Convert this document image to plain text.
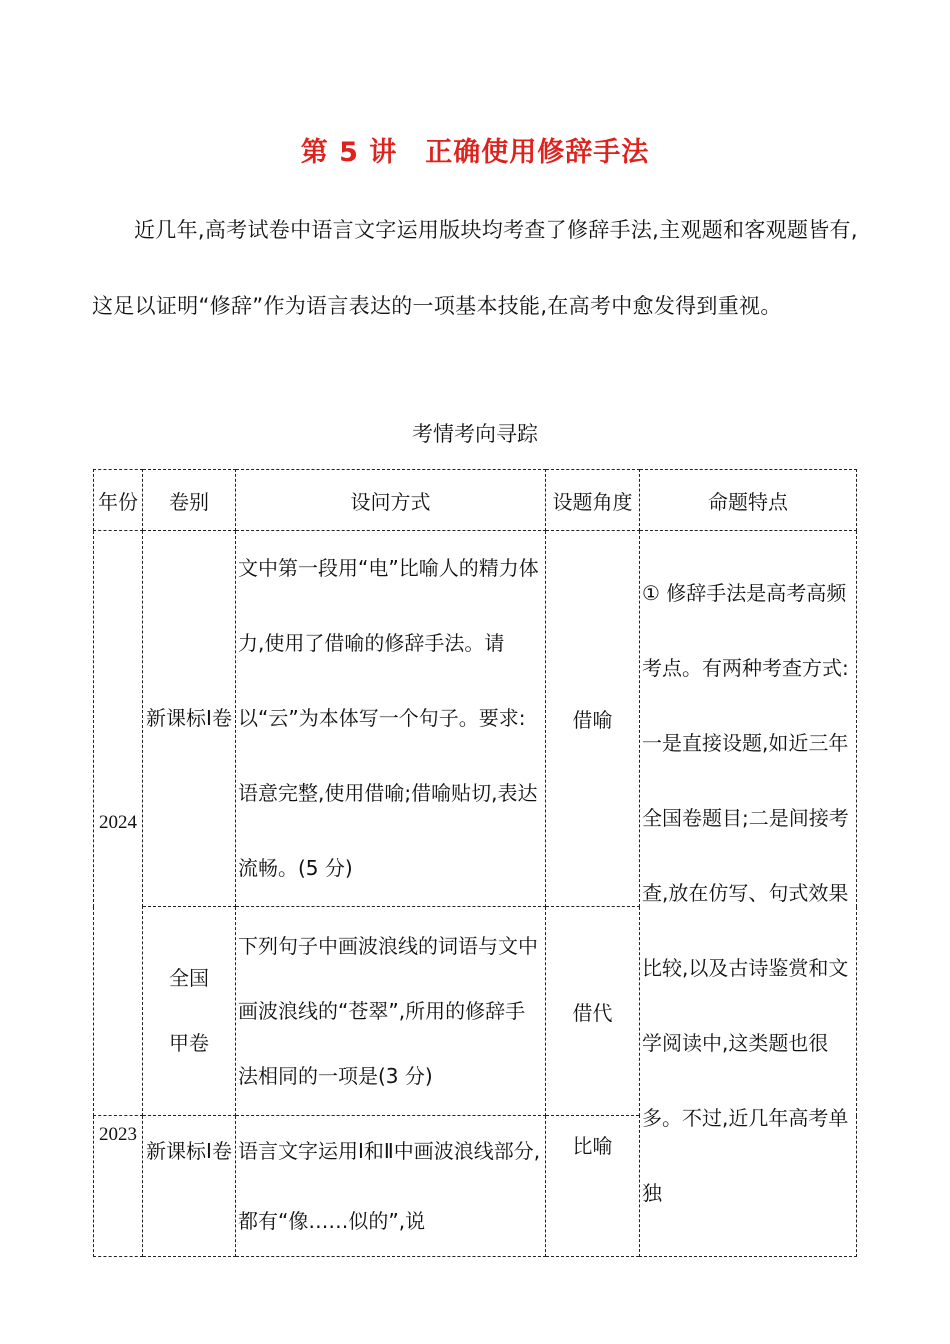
第 5 讲　正确使用修辞手法
近几年,高考试卷中语言文字运用版块均考查了修辞手法,主观题和客观题皆有,这足以证明“修辞”作为语言表达的一项基本技能,在高考中愈发得到重视。
考情考向寻踪
年份	卷别	设问方式	设题角度	命题特点
2024	新课标Ⅰ卷	文中第一段用“电”比喻人的精力体力,使用了借喻的修辞手法。请以“云”为本体写一个句子。要求:语意完整,使用借喻;借喻贴切,表达流畅。(5 分)	借喻	① 修辞手法是高考高频考点。有两种考查方式:一是直接设题,如近三年全国卷题目;二是间接考查,放在仿写、句式效果比较,以及古诗鉴赏和文学阅读中,这类题也很多。不过,近几年高考单独
	全国甲卷	下列句子中画波浪线的词语与文中画波浪线的“苍翠”,所用的修辞手法相同的一项是(3 分)	借代	
2023	新课标Ⅰ卷	语言文字运用Ⅰ和Ⅱ中画波浪线部分,都有“像……似的”,说	比喻	
